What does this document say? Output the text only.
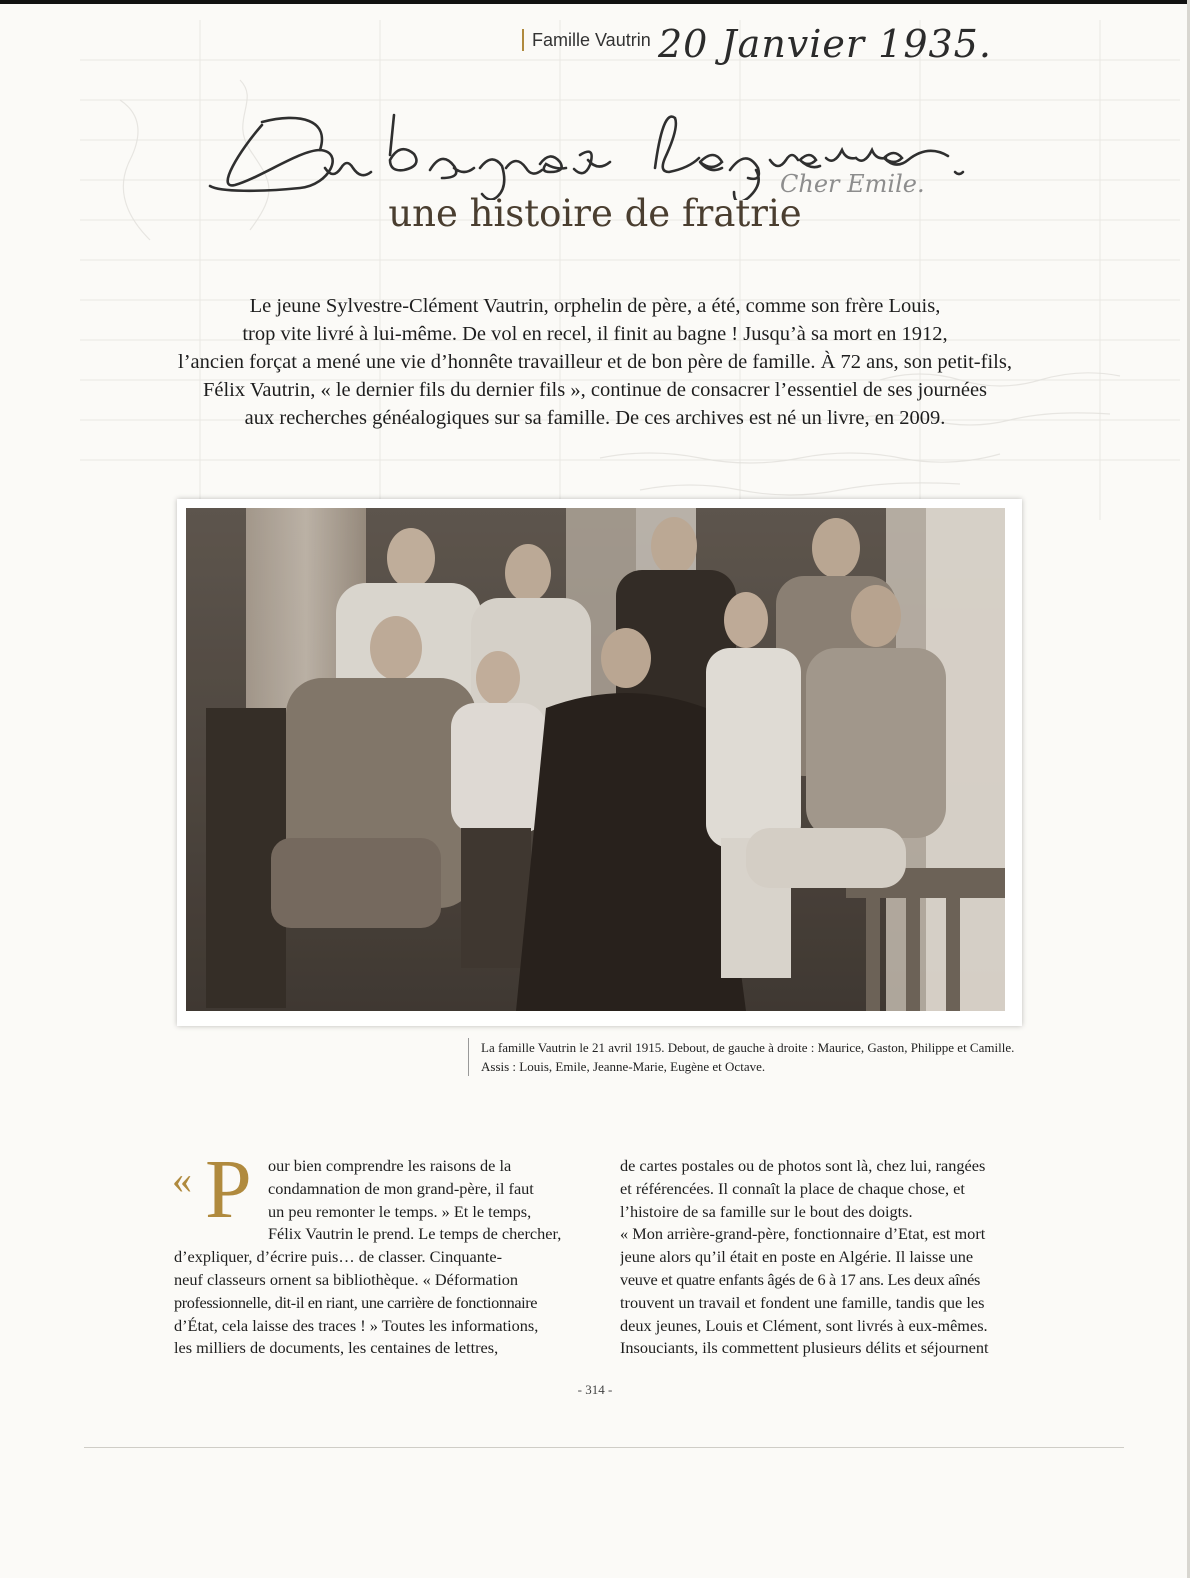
Famille Vautrin 20 Janvier 1935.
Cher Emile.
une histoire de fratrie
Le jeune Sylvestre-Clément Vautrin, orphelin de père, a été, comme son frère Louis,
trop vite livré à lui-même. De vol en recel, il finit au bagne ! Jusqu’à sa mort en 1912,
l’ancien forçat a mené une vie d’honnête travailleur et de bon père de famille. À 72 ans, son petit-fils,
Félix Vautrin, « le dernier fils du dernier fils », continue de consacrer l’essentiel de ses journées
aux recherches généalogiques sur sa famille. De ces archives est né un livre, en 2009.
La famille Vautrin le 21 avril 1915. Debout, de gauche à droite : Maurice, Gaston, Philippe et Camille.
Assis : Louis, Emile, Jeanne-Marie, Eugène et Octave.
« P our bien comprendre les raisons de la
condamnation de mon grand-père, il faut
un peu remonter le temps. » Et le temps,
Félix Vautrin le prend. Le temps de chercher,
d’expliquer, d’écrire puis… de classer. Cinquante-
neuf classeurs ornent sa bibliothèque. « Déformation
professionnelle, dit-il en riant, une carrière de fonctionnaire
d’État, cela laisse des traces ! » Toutes les informations,
les milliers de documents, les centaines de lettres,
de cartes postales ou de photos sont là, chez lui, rangées
et référencées. Il connaît la place de chaque chose, et
l’histoire de sa famille sur le bout des doigts.
« Mon arrière-grand-père, fonctionnaire d’Etat, est mort
jeune alors qu’il était en poste en Algérie. Il laisse une
veuve et quatre enfants âgés de 6 à 17 ans. Les deux aînés
trouvent un travail et fondent une famille, tandis que les
deux jeunes, Louis et Clément, sont livrés à eux-mêmes.
Insouciants, ils commettent plusieurs délits et séjournent
- 314 -
